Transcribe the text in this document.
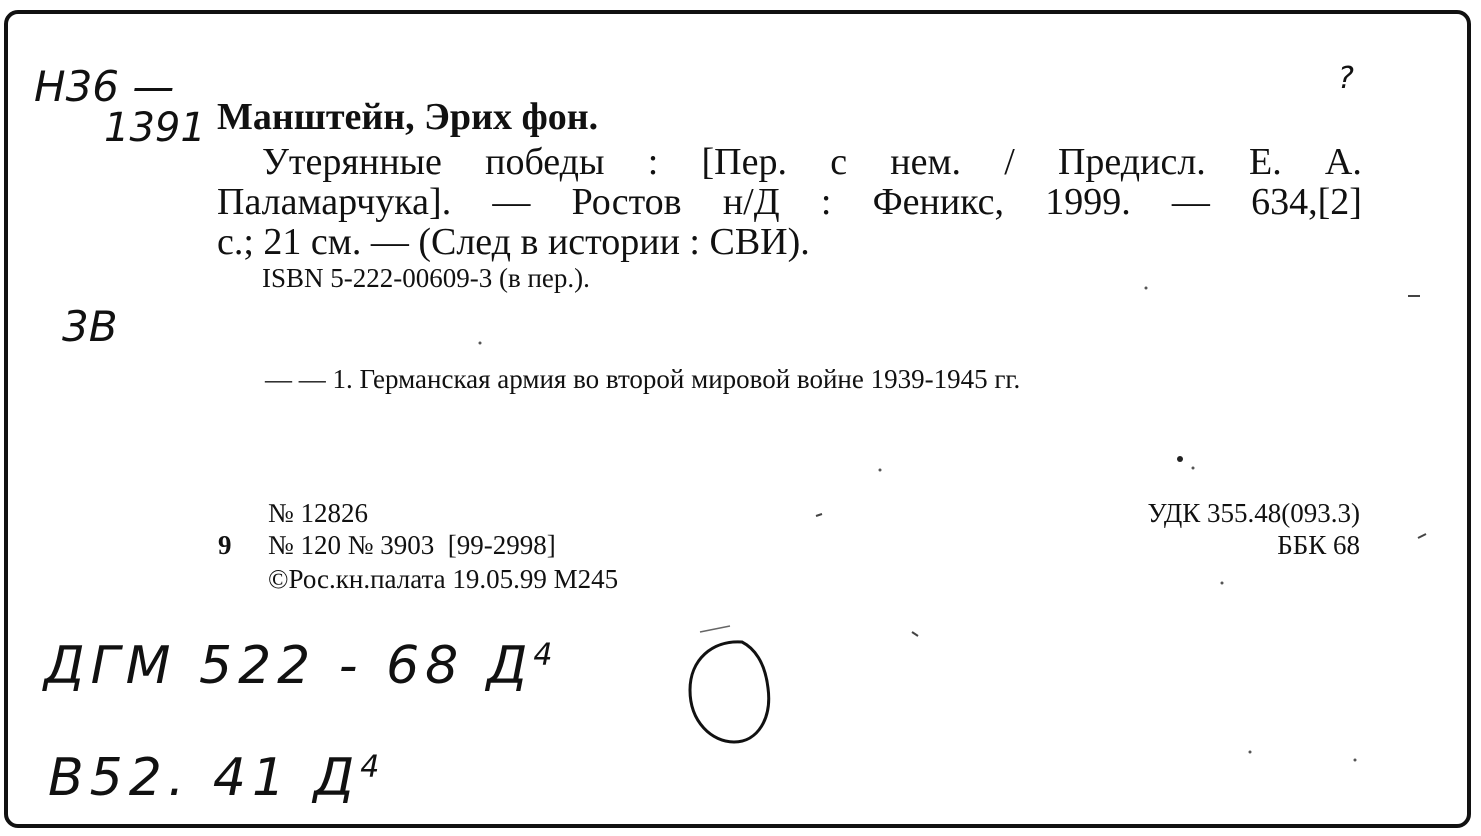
Н36 —
1391
?
3В
Манштейн, Эрих фон.
Утерянные победы : [Пер. с нем. / Предисл. Е. А.
Паламарчука]. — Ростов н/Д : Феникс, 1999. — 634,[2]
с.; 21 см. — (След в истории : СВИ).
ISBN 5-222-00609-3 (в пер.).
— — 1. Германская армия во второй мировой войне 1939-1945 гг.
№ 12826
9 № 120 № 3903  [99-2998]
©Рос.кн.палата 19.05.99 М245
УДК 355.48(093.3)
ББК 68
ДГМ 522 - 68 $Д^4$
B52. 41 $Д^4$
